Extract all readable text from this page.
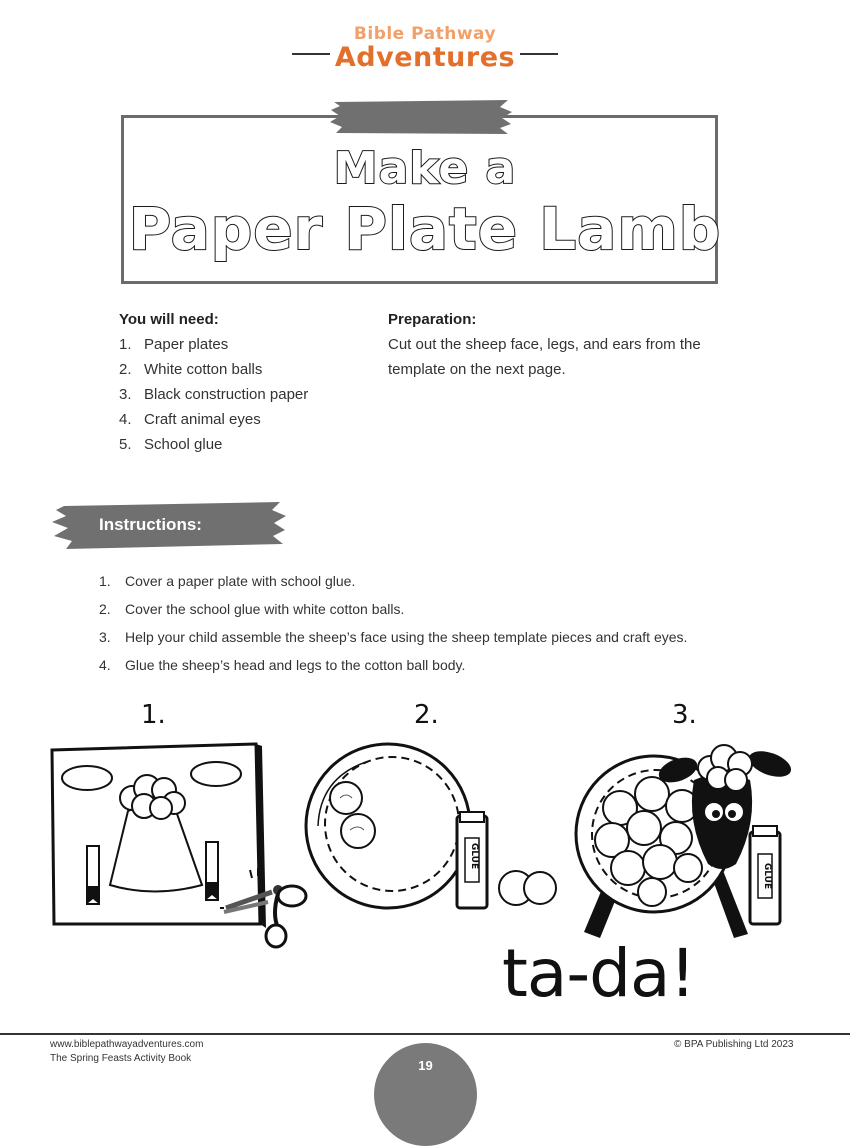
Bible Pathway
Adventures
Make a
Paper Plate Lamb
You will need:
1. Paper plates
2. White cotton balls
3. Black construction paper
4. Craft animal eyes
5. School glue
Preparation:
Cut out the sheep face, legs, and ears from the template on the next page.
Instructions:
1. Cover a paper plate with school glue.
2. Cover the school glue with white cotton balls.
3. Help your child assemble the sheep’s face using the sheep template pieces and craft eyes.
4. Glue the sheep’s head and legs to the cotton ball body.
1.	2.	3.
GLUE
GLUE
ta-da!
www.biblepathwayadventures.com
The Spring Feasts Activity Book
© BPA Publishing Ltd 2023
19
